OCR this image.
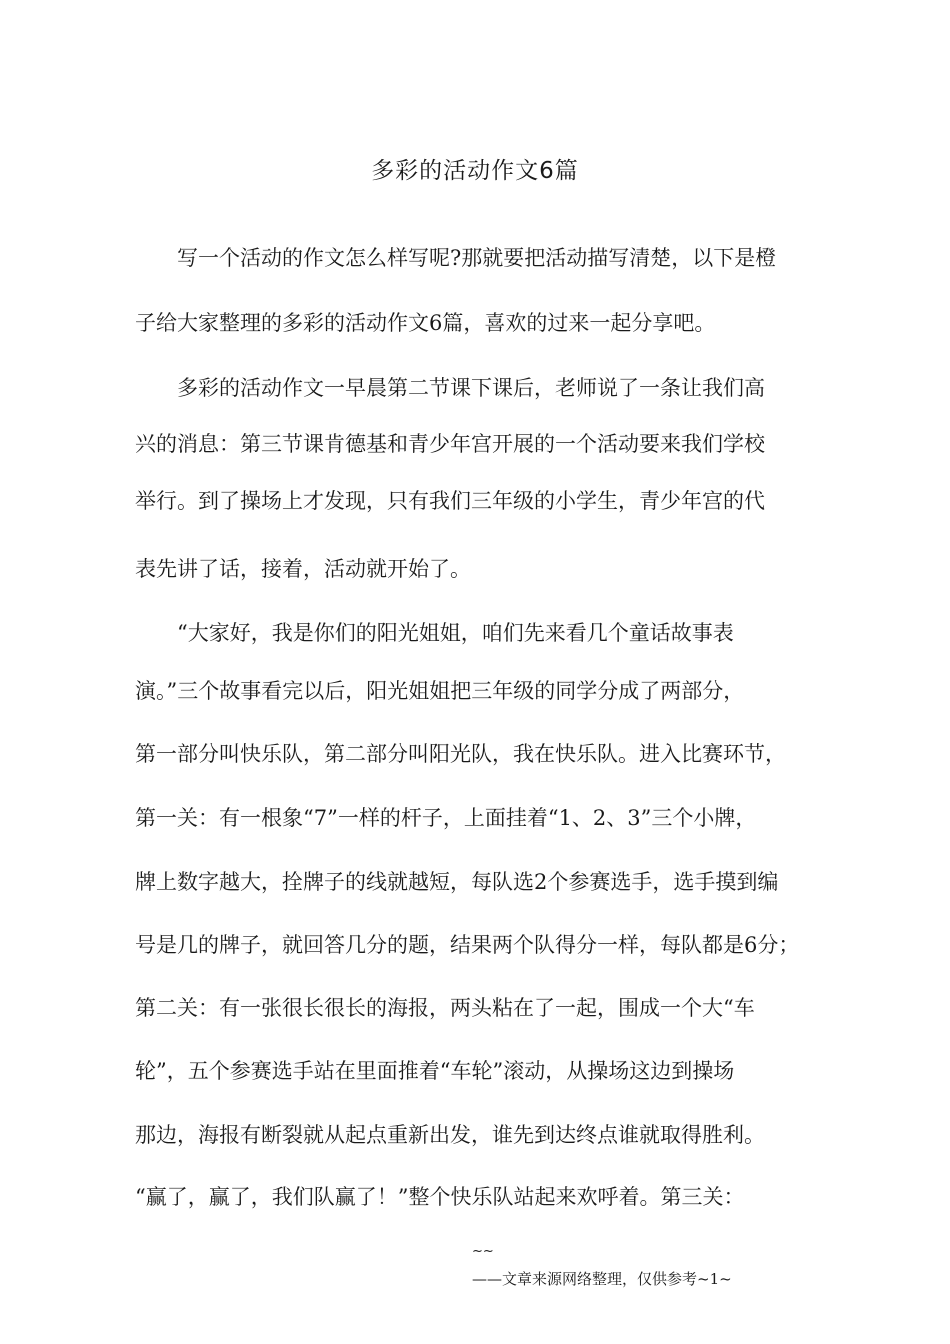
多彩的活动作文6篇
　　写一个活动的作文怎么样写呢?那就要把活动描写清楚，以下是橙
子给大家整理的多彩的活动作文6篇，喜欢的过来一起分享吧。
　　多彩的活动作文一早晨第二节课下课后，老师说了一条让我们高
兴的消息：第三节课肯德基和青少年宫开展的一个活动要来我们学校
举行。到了操场上才发现，只有我们三年级的小学生，青少年宫的代
表先讲了话，接着，活动就开始了。
　　“大家好，我是你们的阳光姐姐，咱们先来看几个童话故事表
演。”三个故事看完以后，阳光姐姐把三年级的同学分成了两部分，
第一部分叫快乐队，第二部分叫阳光队，我在快乐队。进入比赛环节，
第一关：有一根象“7”一样的杆子，上面挂着“1、2、3”三个小牌，
牌上数字越大，拴牌子的线就越短，每队选2个参赛选手，选手摸到编
号是几的牌子，就回答几分的题，结果两个队得分一样，每队都是6分；
第二关：有一张很长很长的海报，两头粘在了一起，围成一个大“车
轮”，五个参赛选手站在里面推着“车轮”滚动，从操场这边到操场
那边，海报有断裂就从起点重新出发，谁先到达终点谁就取得胜利。
“赢了，赢了，我们队赢了！”整个快乐队站起来欢呼着。第三关：
~~
——文章来源网络整理，仅供参考~1~
